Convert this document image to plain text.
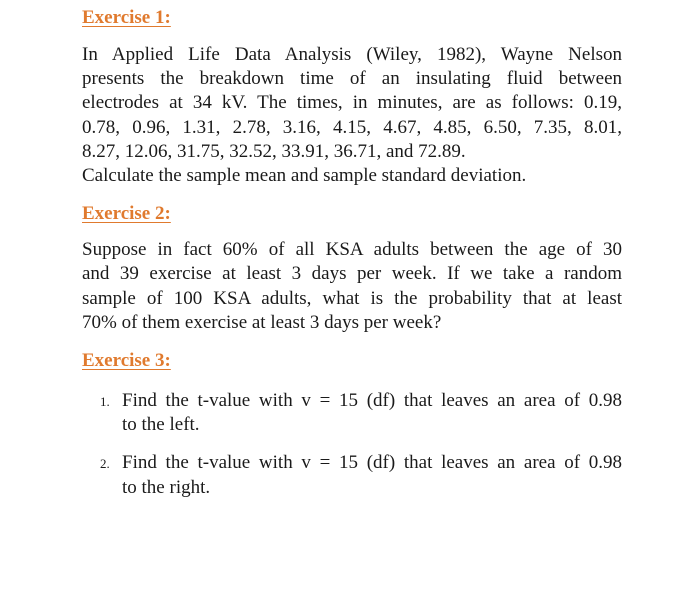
Exercise 1:

In Applied Life Data Analysis (Wiley, 1982), Wayne Nelson
presents the breakdown time of an insulating fluid between
electrodes at 34 kV. The times, in minutes, are as follows: 0.19,
0.78, 0.96, 1.31, 2.78, 3.16, 4.15, 4.67, 4.85, 6.50, 7.35, 8.01,
8.27, 12.06, 31.75, 32.52, 33.91, 36.71, and 72.89.
Calculate the sample mean and sample standard deviation.

Exercise 2:

Suppose in fact 60% of all KSA adults between the age of 30
and 39 exercise at least 3 days per week. If we take a random
sample of 100 KSA adults, what is the probability that at least
70% of them exercise at least 3 days per week?

Exercise 3:
1. Find the t-value with v = 15 (df) that leaves an area of 0.98
to the left.
2. Find the t-value with v = 15 (df) that leaves an area of 0.98
to the right.
